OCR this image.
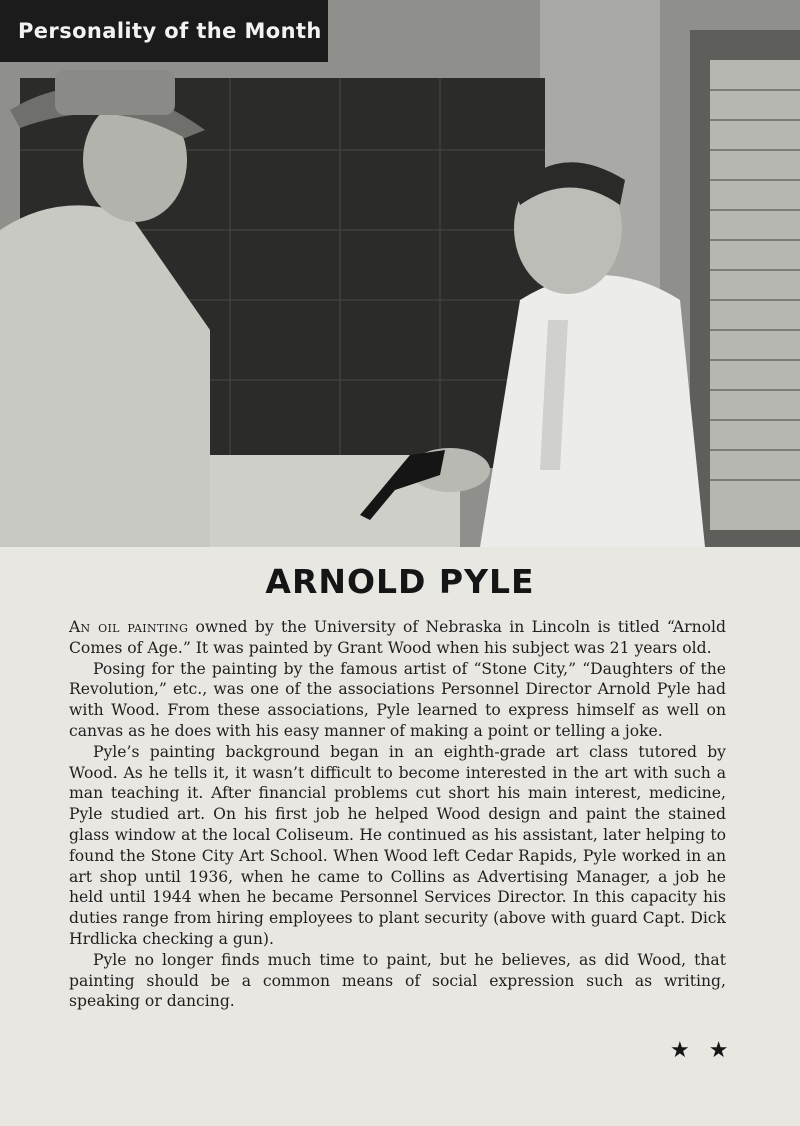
Personality of the Month
ARNOLD PYLE

An oil painting owned by the University of Nebraska in Lincoln is titled “Arnold Comes of Age.” It was painted by Grant Wood when his subject was 21 years old.

Posing for the painting by the famous artist of “Stone City,” “Daughters of the Revolution,” etc., was one of the associations Personnel Director Arnold Pyle had with Wood. From these associations, Pyle learned to express himself as well on canvas as he does with his easy manner of making a point or telling a joke.

Pyle’s painting background began in an eighth-grade art class tutored by Wood. As he tells it, it wasn’t difficult to become interested in the art with such a man teaching it. After financial problems cut short his main interest, medicine, Pyle studied art. On his first job he helped Wood design and paint the stained glass window at the local Coliseum. He continued as his assistant, later helping to found the Stone City Art School. When Wood left Cedar Rapids, Pyle worked in an art shop until 1936, when he came to Collins as Advertising Manager, a job he held until 1944 when he became Personnel Services Director. In this capacity his duties range from hiring employees to plant security (above with guard Capt. Dick Hrdlicka checking a gun).

Pyle no longer finds much time to paint, but he believes, as did Wood, that painting should be a common means of social expression such as writing, speaking or dancing.

★ ★
